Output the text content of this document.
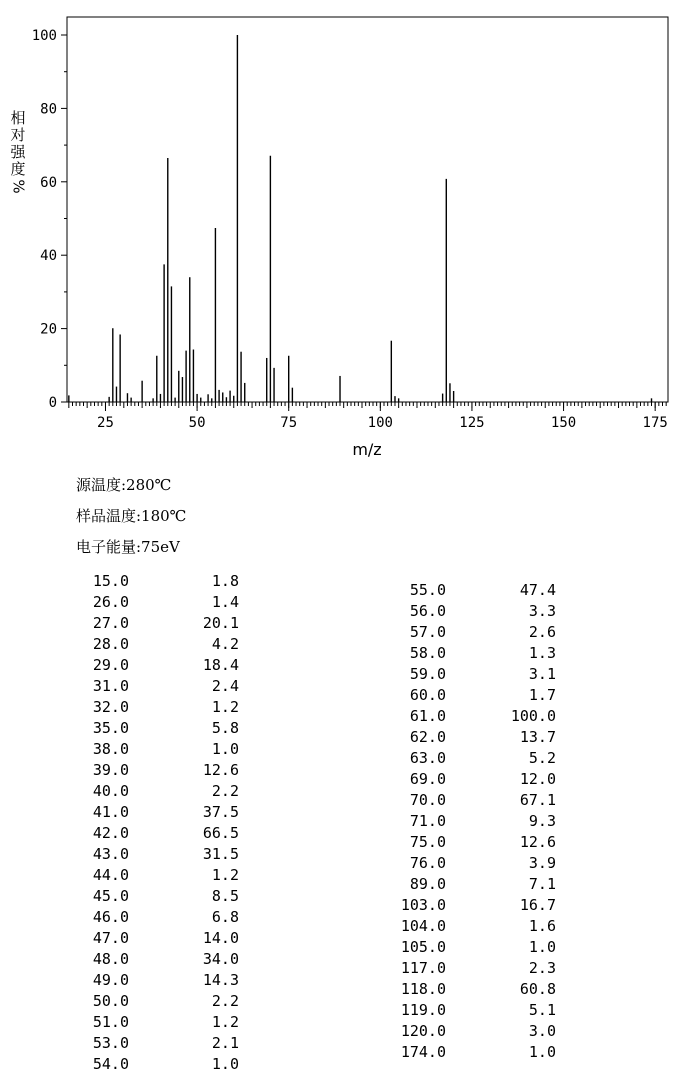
25	50	75	100	125	150	175
0
20
40
60
80
100
m/z
相
对
强
度
%
源温度:280℃
样品温度:180℃
电子能量:75eV
15.0	1.8
26.0	1.4
27.0	20.1
28.0	4.2
29.0	18.4
31.0	2.4
32.0	1.2
35.0	5.8
38.0	1.0
39.0	12.6
40.0	2.2
41.0	37.5
42.0	66.5
43.0	31.5
44.0	1.2
45.0	8.5
46.0	6.8
47.0	14.0
48.0	34.0
49.0	14.3
50.0	2.2
51.0	1.2
53.0	2.1
54.0	1.0
55.0	47.4
56.0	3.3
57.0	2.6
58.0	1.3
59.0	3.1
60.0	1.7
61.0	100.0
62.0	13.7
63.0	5.2
69.0	12.0
70.0	67.1
71.0	9.3
75.0	12.6
76.0	3.9
89.0	7.1
103.0	16.7
104.0	1.6
105.0	1.0
117.0	2.3
118.0	60.8
119.0	5.1
120.0	3.0
174.0	1.0
